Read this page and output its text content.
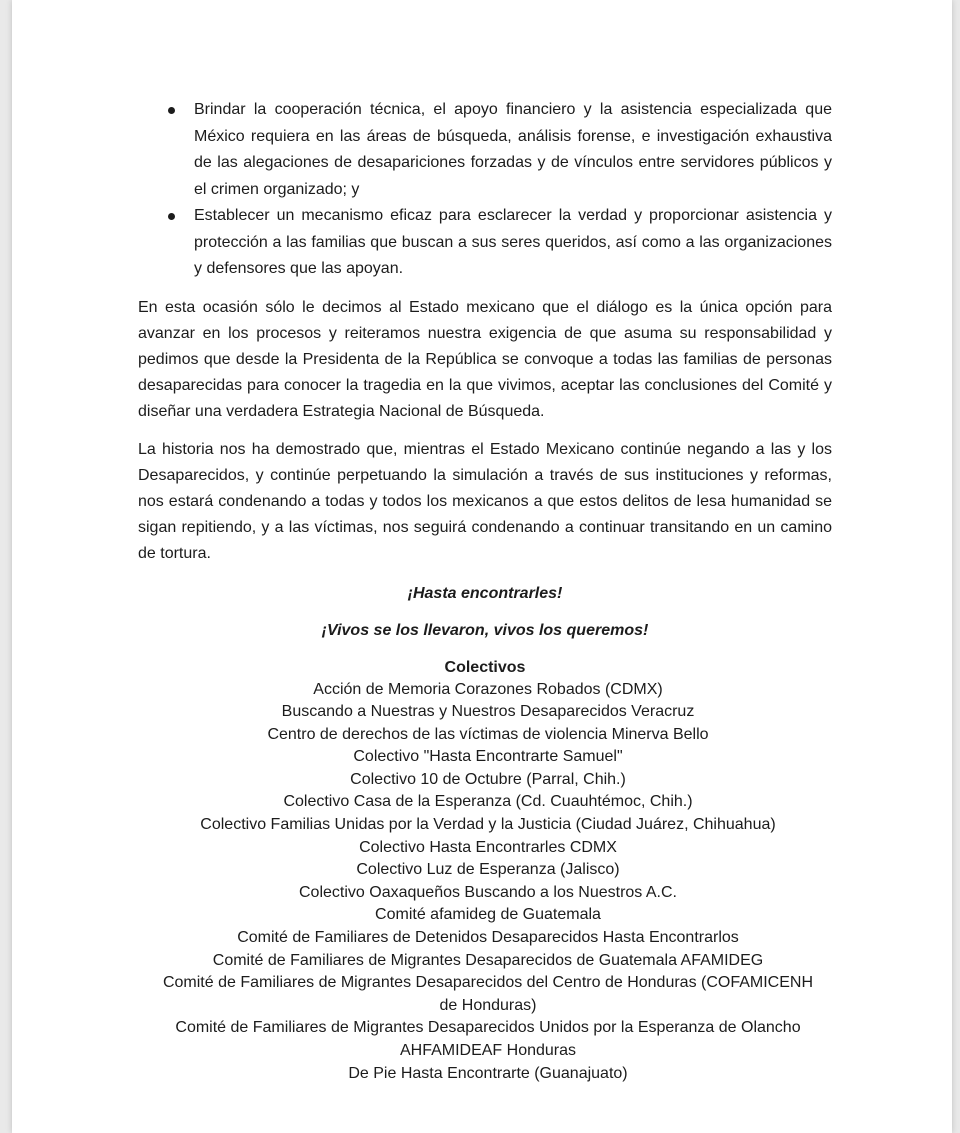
Brindar la cooperación técnica, el apoyo financiero y la asistencia especializada que México requiera en las áreas de búsqueda, análisis forense, e investigación exhaustiva de las alegaciones de desapariciones forzadas y de vínculos entre servidores públicos y el crimen organizado; y
Establecer un mecanismo eficaz para esclarecer la verdad y proporcionar asistencia y protección a las familias que buscan a sus seres queridos, así como a las organizaciones y defensores que las apoyan.

En esta ocasión sólo le decimos al Estado mexicano que el diálogo es la única opción para avanzar en los procesos y reiteramos nuestra exigencia de que asuma su responsabilidad y pedimos que desde la Presidenta de la República se convoque a todas las familias de personas desaparecidas para conocer la tragedia en la que vivimos, aceptar las conclusiones del Comité y diseñar una verdadera Estrategia Nacional de Búsqueda.

La historia nos ha demostrado que, mientras el Estado Mexicano continúe negando a las y los Desaparecidos, y continúe perpetuando la simulación a través de sus instituciones y reformas, nos estará condenando a todas y todos los mexicanos a que estos delitos de lesa humanidad se sigan repitiendo, y a las víctimas, nos seguirá condenando a continuar transitando en un camino de tortura.

¡Hasta encontrarles!

¡Vivos se los llevaron, vivos los queremos!

Colectivos

Acción de Memoria Corazones Robados (CDMX)
Buscando a Nuestras y Nuestros Desaparecidos Veracruz
Centro de derechos de las víctimas de violencia Minerva Bello
Colectivo "Hasta Encontrarte Samuel"
Colectivo 10 de Octubre (Parral, Chih.)
Colectivo Casa de la Esperanza (Cd. Cuauhtémoc, Chih.)
Colectivo Familias Unidas por la Verdad y la Justicia (Ciudad Juárez, Chihuahua)
Colectivo Hasta Encontrarles CDMX
Colectivo Luz de Esperanza (Jalisco)
Colectivo Oaxaqueños Buscando a los Nuestros A.C.
Comité afamideg de Guatemala
Comité de Familiares de Detenidos Desaparecidos Hasta Encontrarlos
Comité de Familiares de Migrantes Desaparecidos de Guatemala AFAMIDEG
Comité de Familiares de Migrantes Desaparecidos del Centro de Honduras (COFAMICENH
de Honduras)
Comité de Familiares de Migrantes Desaparecidos Unidos por la Esperanza de Olancho
AHFAMIDEAF Honduras
De Pie Hasta Encontrarte (Guanajuato)
